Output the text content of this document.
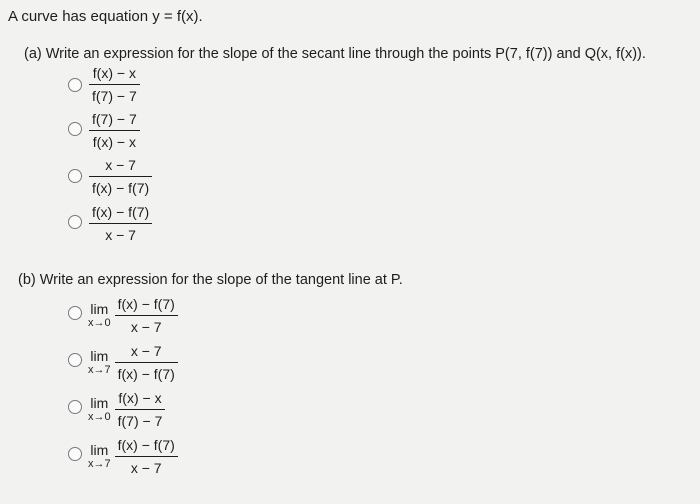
A curve has equation y = f(x).
(a) Write an expression for the slope of the secant line through the points P(7, f(7)) and Q(x, f(x)).
f(x) − x
f(7) − 7
f(7) − 7
f(x) − x
x − 7
f(x) − f(7)
f(x) − f(7)
x − 7
(b) Write an expression for the slope of the tangent line at P.
lim
$x\to 0 \frac{f(x) - f(7)}{x - 7}$
lim
$x\to 7 \frac{x - 7}{f(x) - f(7)}$
lim
$x\to 0 \frac{f(x) - x}{f(7) - 7}$
lim
$x\to 7 \frac{f(x) - f(7)}{x - 7}$
